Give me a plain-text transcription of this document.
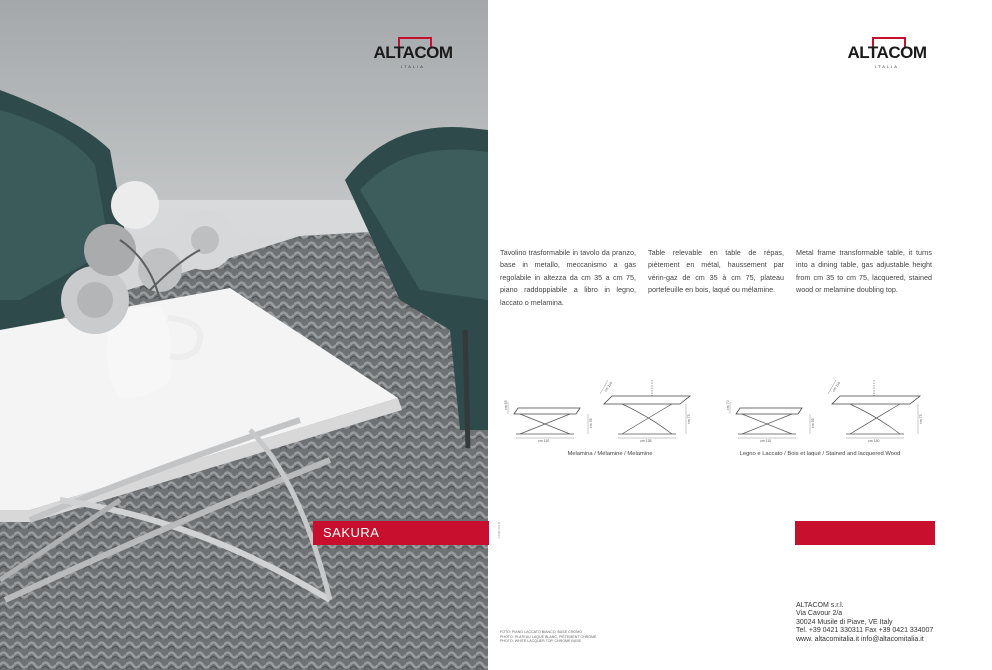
ALTACOM
ITALIA
ALTACOM
ITALIA
SAKURA	CP0034/3 R
Tavolino trasformabile in tavolo da pranzo, base in metallo, meccanismo a gas regolabile in altezza da cm 35 a cm 75, piano raddoppiabile a libro in legno, laccato o melamina.
Table relevable en table de répas, piètement en métal, haussement par vérin-gaz de cm 35 à cm 75, plateau portefeuille en bois, laqué ou mélamine.
Metal frame transformable table, it turns into a dining table, gas adjustable height from cm 35 to cm 75, lacquered, stained wood or melamine doubling top.
cm 69
cm 35
cm 110
cm 110
cm 75
cm 138
cm 70
cm 35
cm 110
cm 110
cm 75
cm 140
Melamina / Mélamine / Melamine	Legno e Laccato / Bois et laqué / Stained and lacquered Wood
FOTO: PIANO LACCATO BIANCO, BASE CROMO
PHOTO: PLATEAU LAQUÉ BLANC, PIÉTEMENT CHROMÉ
PHOTO: WHITE LACQUER TOP, CHROME BASE
ALTACOM s.r.l.
Via Cavour 2/a
30024 Musile di Piave, VE Italy
Tel. +39 0421 330311 Fax +39 0421 334007
www. altacomitalia.it info@altacomitalia.it
